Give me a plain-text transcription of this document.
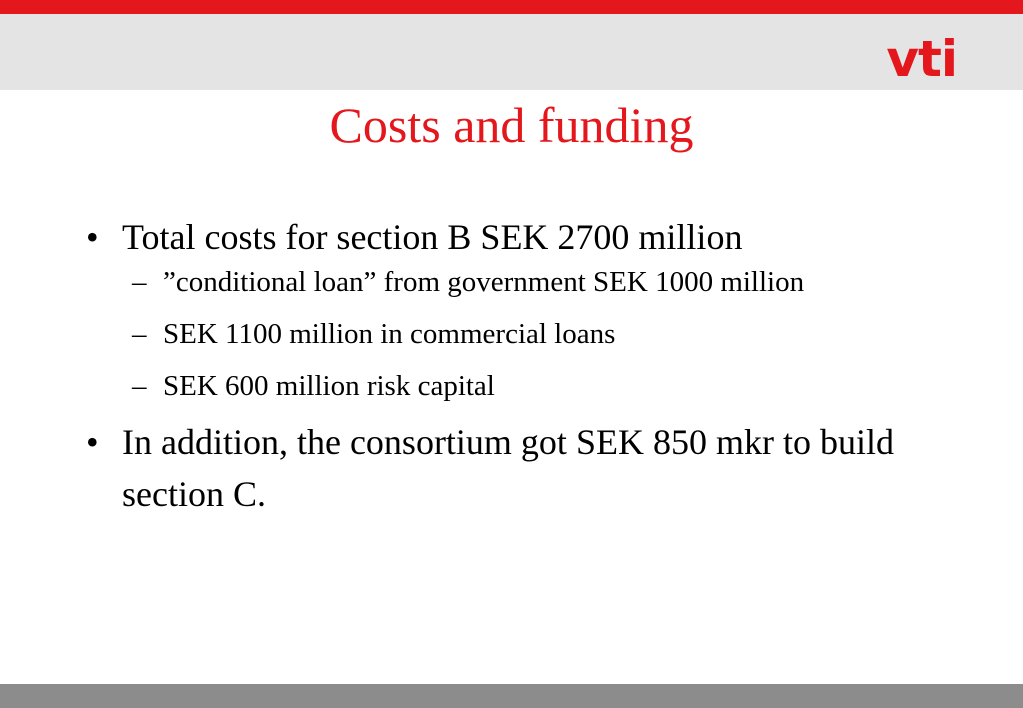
vti
Costs and funding
• Total costs for section B SEK 2700 million
– ”conditional loan” from government SEK 1000 million
– SEK 1100 million in commercial loans
– SEK 600 million risk capital
• In addition, the consortium got SEK 850 mkr to build section C.
